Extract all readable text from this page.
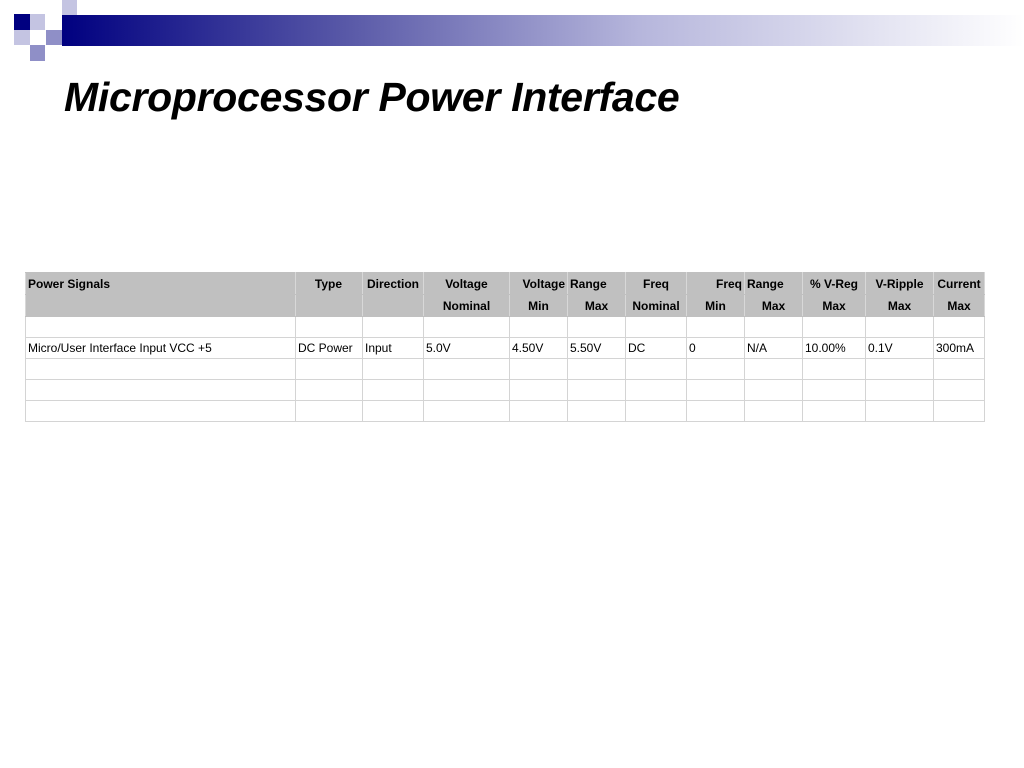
Microprocessor Power Interface
Power Signals	Type	Direction	Voltage	Voltage	Range	Freq	Freq	Range	% V-Reg	V-Ripple	Current
			Nominal	Min	Max	Nominal	Min	Max	Max	Max	Max

Micro/User Interface Input VCC +5	DC Power	Input	5.0V	4.50V	5.50V	DC	0	N/A	10.00%	0.1V	300mA
